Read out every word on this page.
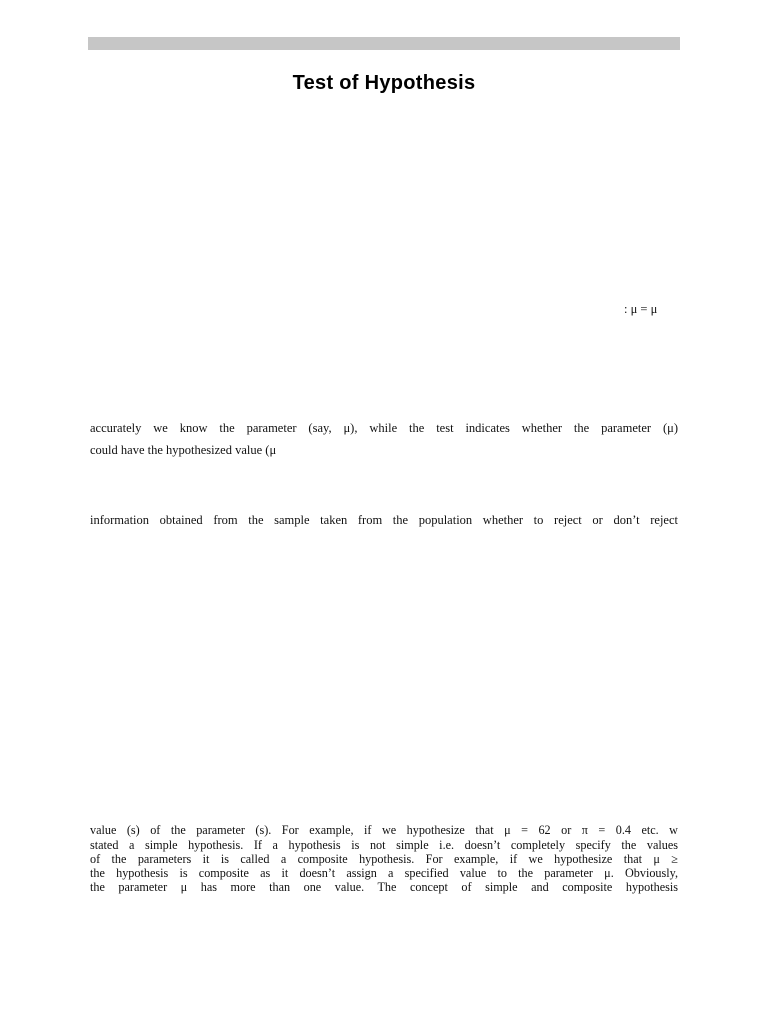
Test of Hypothesis
: μ = μ
accurately we know the parameter (say, μ), while the test indicates whether the parameter (μ)
could have the hypothesized value (μ
information obtained from the sample taken from the population whether to reject or don’t reject
value (s) of the parameter (s). For example, if we hypothesize that μ = 62 or π = 0.4 etc. w
stated a simple hypothesis. If a hypothesis is not simple i.e. doesn’t completely specify the values
of the parameters it is called a composite hypothesis. For example, if we hypothesize that μ ≥
the hypothesis is composite as it doesn’t assign a specified value to the parameter μ. Obviously,
the parameter μ has more than one value. The concept of simple and composite hypothesis
